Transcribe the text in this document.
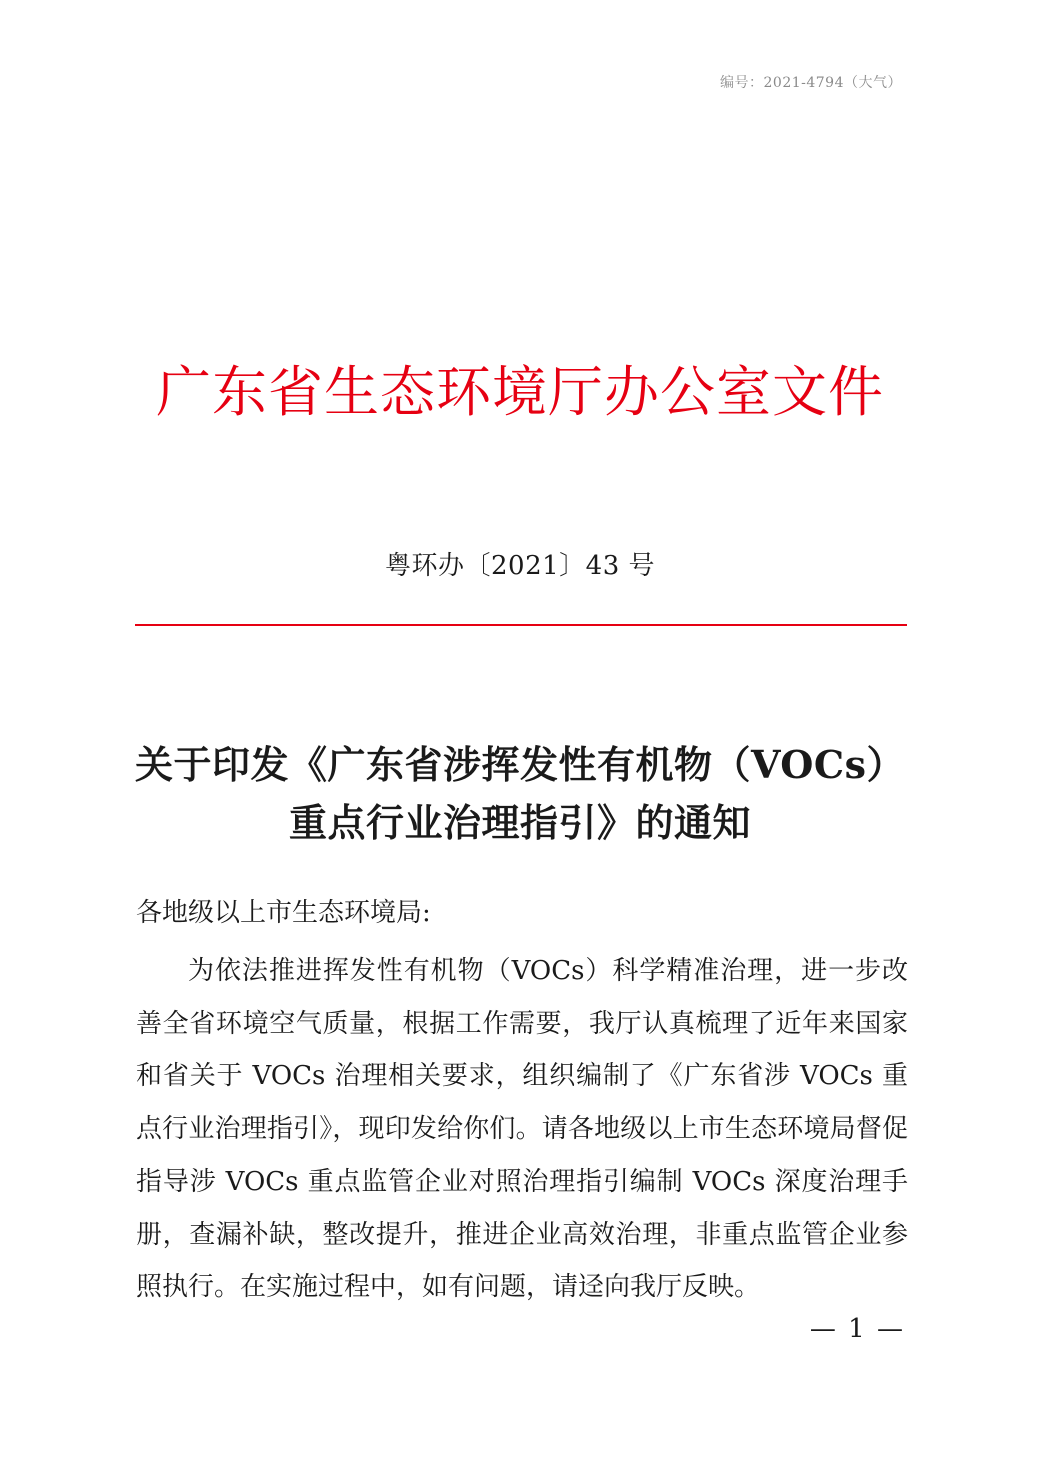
编号：2021-4794（大气）
广东省生态环境厅办公室文件
粤环办〔2021〕43 号
关于印发《广东省涉挥发性有机物（VOCs）
重点行业治理指引》的通知
各地级以上市生态环境局:

为依法推进挥发性有机物（VOCs）科学精准治理，进一步改善全省环境空气质量，根据工作需要，我厅认真梳理了近年来国家和省关于 VOCs 治理相关要求，组织编制了《广东省涉 VOCs 重点行业治理指引》，现印发给你们。请各地级以上市生态环境局督促指导涉 VOCs 重点监管企业对照治理指引编制 VOCs 深度治理手册，查漏补缺，整改提升，推进企业高效治理，非重点监管企业参照执行。在实施过程中，如有问题，请迳向我厅反映。

— 1 —
